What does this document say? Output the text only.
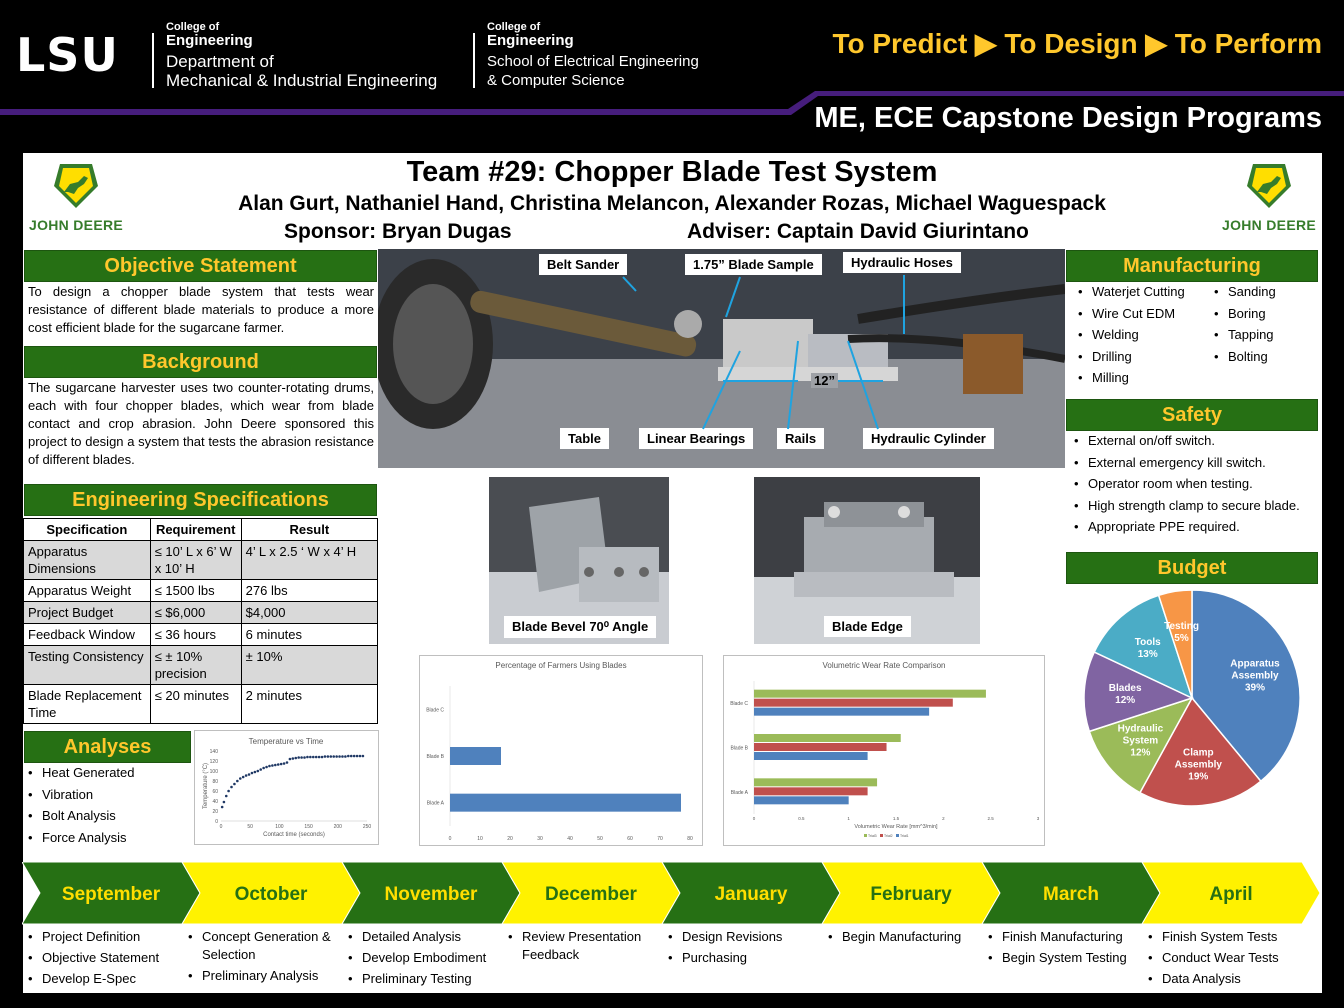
LSU
College of
Engineering
Department of
Mechanical & Industrial Engineering
College of
Engineering
School of Electrical Engineering
& Computer Science
To Predict ▶ To Design ▶ To Perform
ME, ECE Capstone Design Programs
JOHN DEERE	JOHN DEERE
Team #29: Chopper Blade Test System
Alan Gurt, Nathaniel Hand, Christina Melancon, Alexander Rozas, Michael Waguespack
Sponsor: Bryan Dugas	Adviser: Captain David Giurintano
Objective Statement
To design a chopper blade system that tests wear resistance of different blade materials to produce a more cost efficient blade for the sugarcane farmer.
Background
The sugarcane harvester uses two counter-rotating drums, each with four chopper blades, which wear from blade contact and crop abrasion. John Deere sponsored this project to design a system that tests the abrasion resistance of different blades.
Engineering Specifications
Specification	Requirement	Result
Apparatus Dimensions	≤ 10’ L x 6’ W x 10’ H	4’ L x 2.5 ‘ W x 4’ H
Apparatus Weight	≤ 1500 lbs	276 lbs
Project Budget	≤ $6,000	$4,000
Feedback Window	≤ 36 hours	6 minutes
Testing Consistency	≤ ± 10% precision	± 10%
Blade Replacement Time	≤ 20 minutes	2 minutes
Analyses
• Heat Generated
• Vibration
• Bolt Analysis
• Force Analysis
Temperature vs Time
0	50	100	150	200	250
0
20
40
60
80
100
120
140
Contact time (seconds)
Temperature (°C)
Belt Sander	1.75” Blade Sample	Hydraulic Hoses
12”
Table	Linear Bearings	Rails	Hydraulic Cylinder
Blade Bevel 70⁰ Angle	Blade Edge
Percentage of Farmers Using Blades
0	10	20	30	40	50	60	70	80
Blade C
Blade B
Blade A
Volumetric Wear Rate Comparison
0	0.5	1	1.5	2	2.5	3
Volumetric Wear Rate [mm^3/min]
Blade C
Blade B
Blade A
Trial3 Trial2 Trial1
Manufacturing
• Waterjet Cutting
• Wire Cut EDM
• Welding
• Drilling
• Milling
• Sanding
• Boring
• Tapping
• Bolting
Safety
• External on/off switch.
• External emergency kill switch.
• Operator room when testing.
• High strength clamp to secure blade.
• Appropriate PPE required.
Budget
Apparatus Assembly 39%
Clamp Assembly 19%
Hydraulic System 12%
Blades 12%
Tools 13%
Testing 5%
September	October	November	December	January	February	March	April
• Project Definition
• Objective Statement
• Develop E-Spec
• Concept Generation & Selection
• Preliminary Analysis
• Detailed Analysis
• Develop Embodiment
• Preliminary Testing
• Review Presentation Feedback
• Design Revisions
• Purchasing
• Begin Manufacturing	• Finish Manufacturing
• Begin System Testing
• Finish System Tests
• Conduct Wear Tests
• Data Analysis
